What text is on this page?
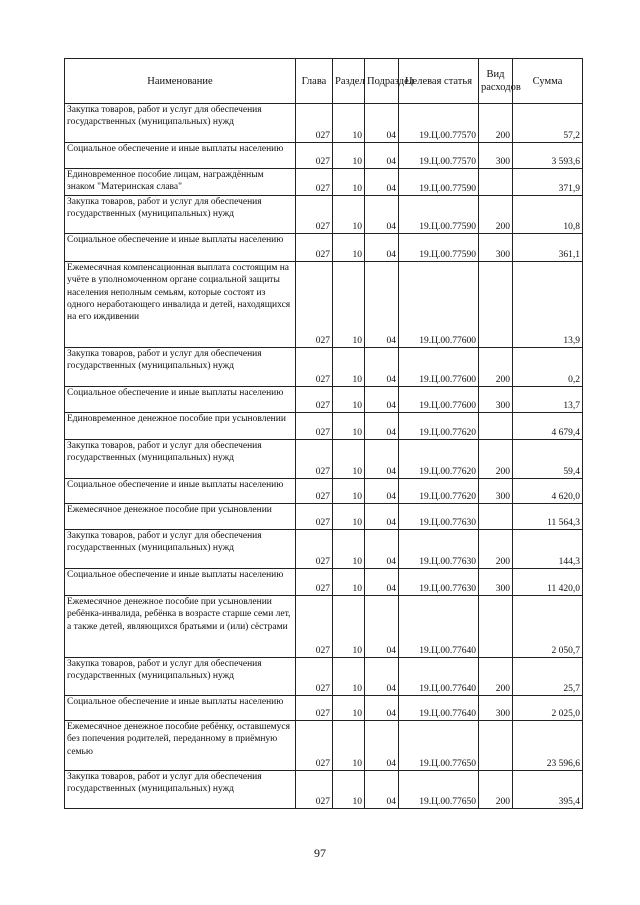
Наименование	Глава	Раздел	Подраздел	Целевая статья	Вид расходов	Сумма
Закупка товаров, работ и услуг для обеспечения государственных (муниципальных) нужд	027	10	04	19.Ц.00.77570	200	57,2
Социальное обеспечение и иные выплаты населению	027	10	04	19.Ц.00.77570	300	3 593,6
Единовременное пособие лицам, награждённым знаком "Материнская слава"	027	10	04	19.Ц.00.77590		371,9
Закупка товаров, работ и услуг для обеспечения государственных (муниципальных) нужд	027	10	04	19.Ц.00.77590	200	10,8
Социальное обеспечение и иные выплаты населению	027	10	04	19.Ц.00.77590	300	361,1
Ежемесячная компенсационная выплата состоящим на учёте в уполномоченном органе социальной защиты населения неполным семьям, которые состоят из одного неработающего инвалида и детей, находящихся на его иждивении	027	10	04	19.Ц.00.77600		13,9
Закупка товаров, работ и услуг для обеспечения государственных (муниципальных) нужд	027	10	04	19.Ц.00.77600	200	0,2
Социальное обеспечение и иные выплаты населению	027	10	04	19.Ц.00.77600	300	13,7
Единовременное денежное пособие при усыновлении	027	10	04	19.Ц.00.77620		4 679,4
Закупка товаров, работ и услуг для обеспечения государственных (муниципальных) нужд	027	10	04	19.Ц.00.77620	200	59,4
Социальное обеспечение и иные выплаты населению	027	10	04	19.Ц.00.77620	300	4 620,0
Ежемесячное денежное пособие при усыновлении	027	10	04	19.Ц.00.77630		11 564,3
Закупка товаров, работ и услуг для обеспечения государственных (муниципальных) нужд	027	10	04	19.Ц.00.77630	200	144,3
Социальное обеспечение и иные выплаты населению	027	10	04	19.Ц.00.77630	300	11 420,0
Ежемесячное денежное пособие при усыновлении ребёнка-инвалида, ребёнка в возрасте старше семи лет, а также детей, являющихся братьями и (или) сёстрами	027	10	04	19.Ц.00.77640		2 050,7
Закупка товаров, работ и услуг для обеспечения государственных (муниципальных) нужд	027	10	04	19.Ц.00.77640	200	25,7
Социальное обеспечение и иные выплаты населению	027	10	04	19.Ц.00.77640	300	2 025,0
Ежемесячное денежное пособие ребёнку, оставшемуся без попечения родителей, переданному в приёмную семью	027	10	04	19.Ц.00.77650		23 596,6
Закупка товаров, работ и услуг для обеспечения государственных (муниципальных) нужд	027	10	04	19.Ц.00.77650	200	395,4
97
